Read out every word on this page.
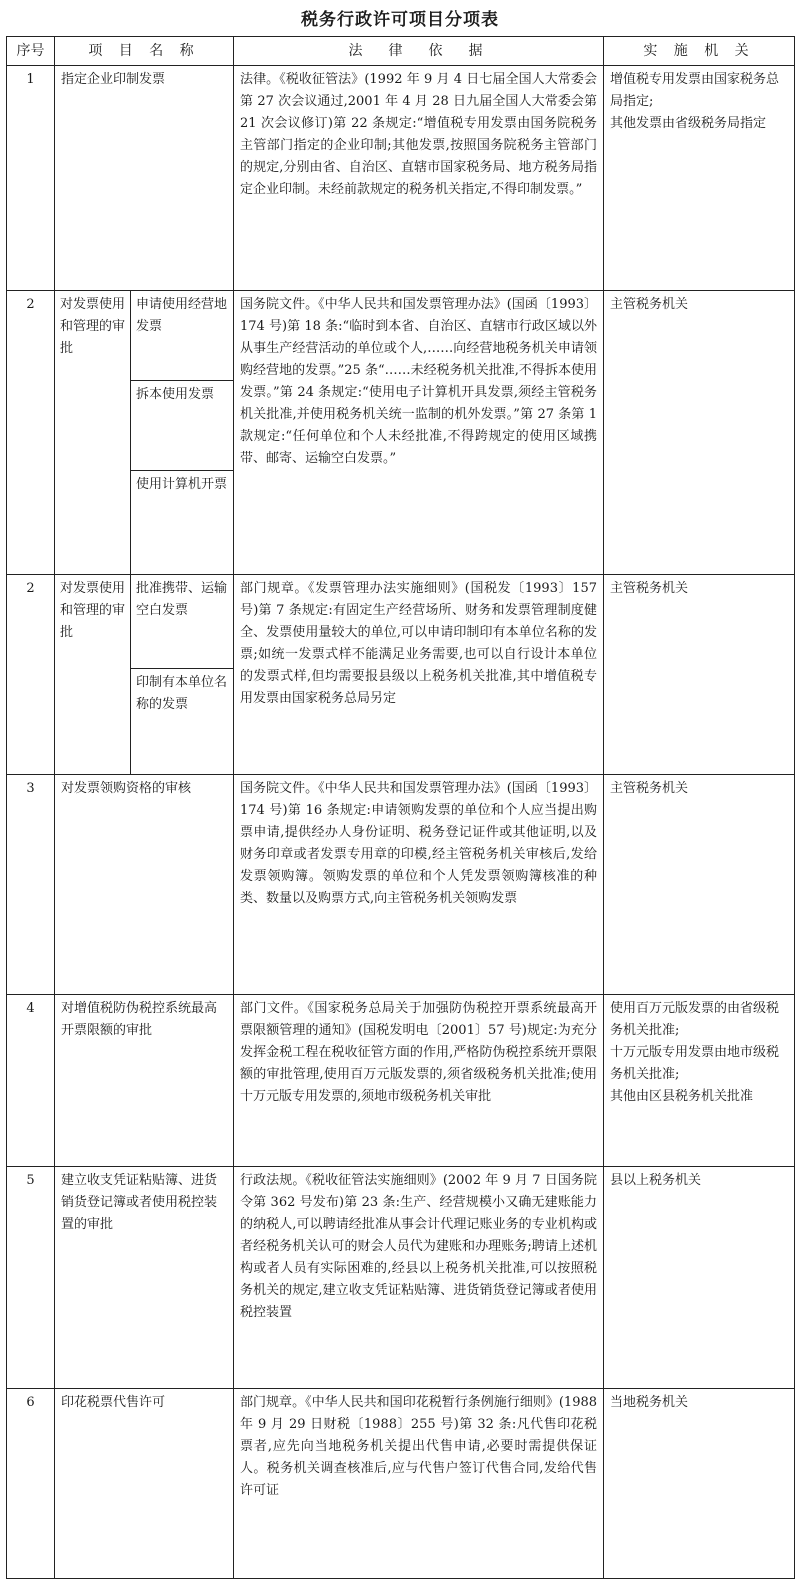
税务行政许可项目分项表
序号	项 目 名 称		法　律　依　据	实 施 机 关
1	指定企业印制发票		法律。《税收征管法》(1992 年 9 月 4 日七届全国人大常委会第 27 次会议通过,2001 年 4 月 28 日九届全国人大常委会第 21 次会议修订)第 22 条规定:“增值税专用发票由国务院税务主管部门指定的企业印制;其他发票,按照国务院税务主管部门的规定,分别由省、自治区、直辖市国家税务局、地方税务局指定企业印制。未经前款规定的税务机关指定,不得印制发票。”	增值税专用发票由国家税务总局指定;
其他发票由省级税务局指定

2	对发票使用和管理的审批	申请使用经营地发票	国务院文件。《中华人民共和国发票管理办法》(国函〔1993〕174 号)第 18 条:“临时到本省、自治区、直辖市行政区域以外从事生产经营活动的单位或个人,……向经营地税务机关申请领购经营地的发票。”25 条“……未经税务机关批准,不得拆本使用发票。”第 24 条规定:“使用电子计算机开具发票,须经主管税务机关批准,并使用税务机关统一监制的机外发票。”第 27 条第 1 款规定:“任何单位和个人未经批准,不得跨规定的使用区域携带、邮寄、运输空白发票。”	主管税务机关
		拆本使用发票		
		使用计算机开票		
2	对发票使用和管理的审批	批准携带、运输空白发票	部门规章。《发票管理办法实施细则》(国税发〔1993〕157 号)第 7 条规定:有固定生产经营场所、财务和发票管理制度健全、发票使用量较大的单位,可以申请印制印有本单位名称的发票;如统一发票式样不能满足业务需要,也可以自行设计本单位的发票式样,但均需要报县级以上税务机关批准,其中增值税专用发票由国家税务总局另定	主管税务机关
		印制有本单位名称的发票		
3	对发票领购资格的审核		国务院文件。《中华人民共和国发票管理办法》(国函〔1993〕174 号)第 16 条规定:申请领购发票的单位和个人应当提出购票申请,提供经办人身份证明、税务登记证件或其他证明,以及财务印章或者发票专用章的印模,经主管税务机关审核后,发给发票领购簿。领购发票的单位和个人凭发票领购簿核准的种类、数量以及购票方式,向主管税务机关领购发票	主管税务机关
4	对增值税防伪税控系统最高开票限额的审批		部门文件。《国家税务总局关于加强防伪税控开票系统最高开票限额管理的通知》(国税发明电〔2001〕57 号)规定:为充分发挥金税工程在税收征管方面的作用,严格防伪税控系统开票限额的审批管理,使用百万元版发票的,须省级税务机关批准;使用十万元版专用发票的,须地市级税务机关审批	使用百万元版发票的由省级税务机关批准;
十万元版专用发票由地市级税务机关批准;
其他由区县税务机关批准

5	建立收支凭证粘贴簿、进货销货登记簿或者使用税控装置的审批		行政法规。《税收征管法实施细则》(2002 年 9 月 7 日国务院令第 362 号发布)第 23 条:生产、经营规模小又确无建账能力的纳税人,可以聘请经批准从事会计代理记账业务的专业机构或者经税务机关认可的财会人员代为建账和办理账务;聘请上述机构或者人员有实际困难的,经县以上税务机关批准,可以按照税务机关的规定,建立收支凭证粘贴簿、进货销货登记簿或者使用税控装置	县以上税务机关
6	印花税票代售许可		部门规章。《中华人民共和国印花税暂行条例施行细则》(1988 年 9 月 29 日财税〔1988〕255 号)第 32 条:凡代售印花税票者,应先向当地税务机关提出代售申请,必要时需提供保证人。税务机关调查核准后,应与代售户签订代售合同,发给代售许可证	当地税务机关
